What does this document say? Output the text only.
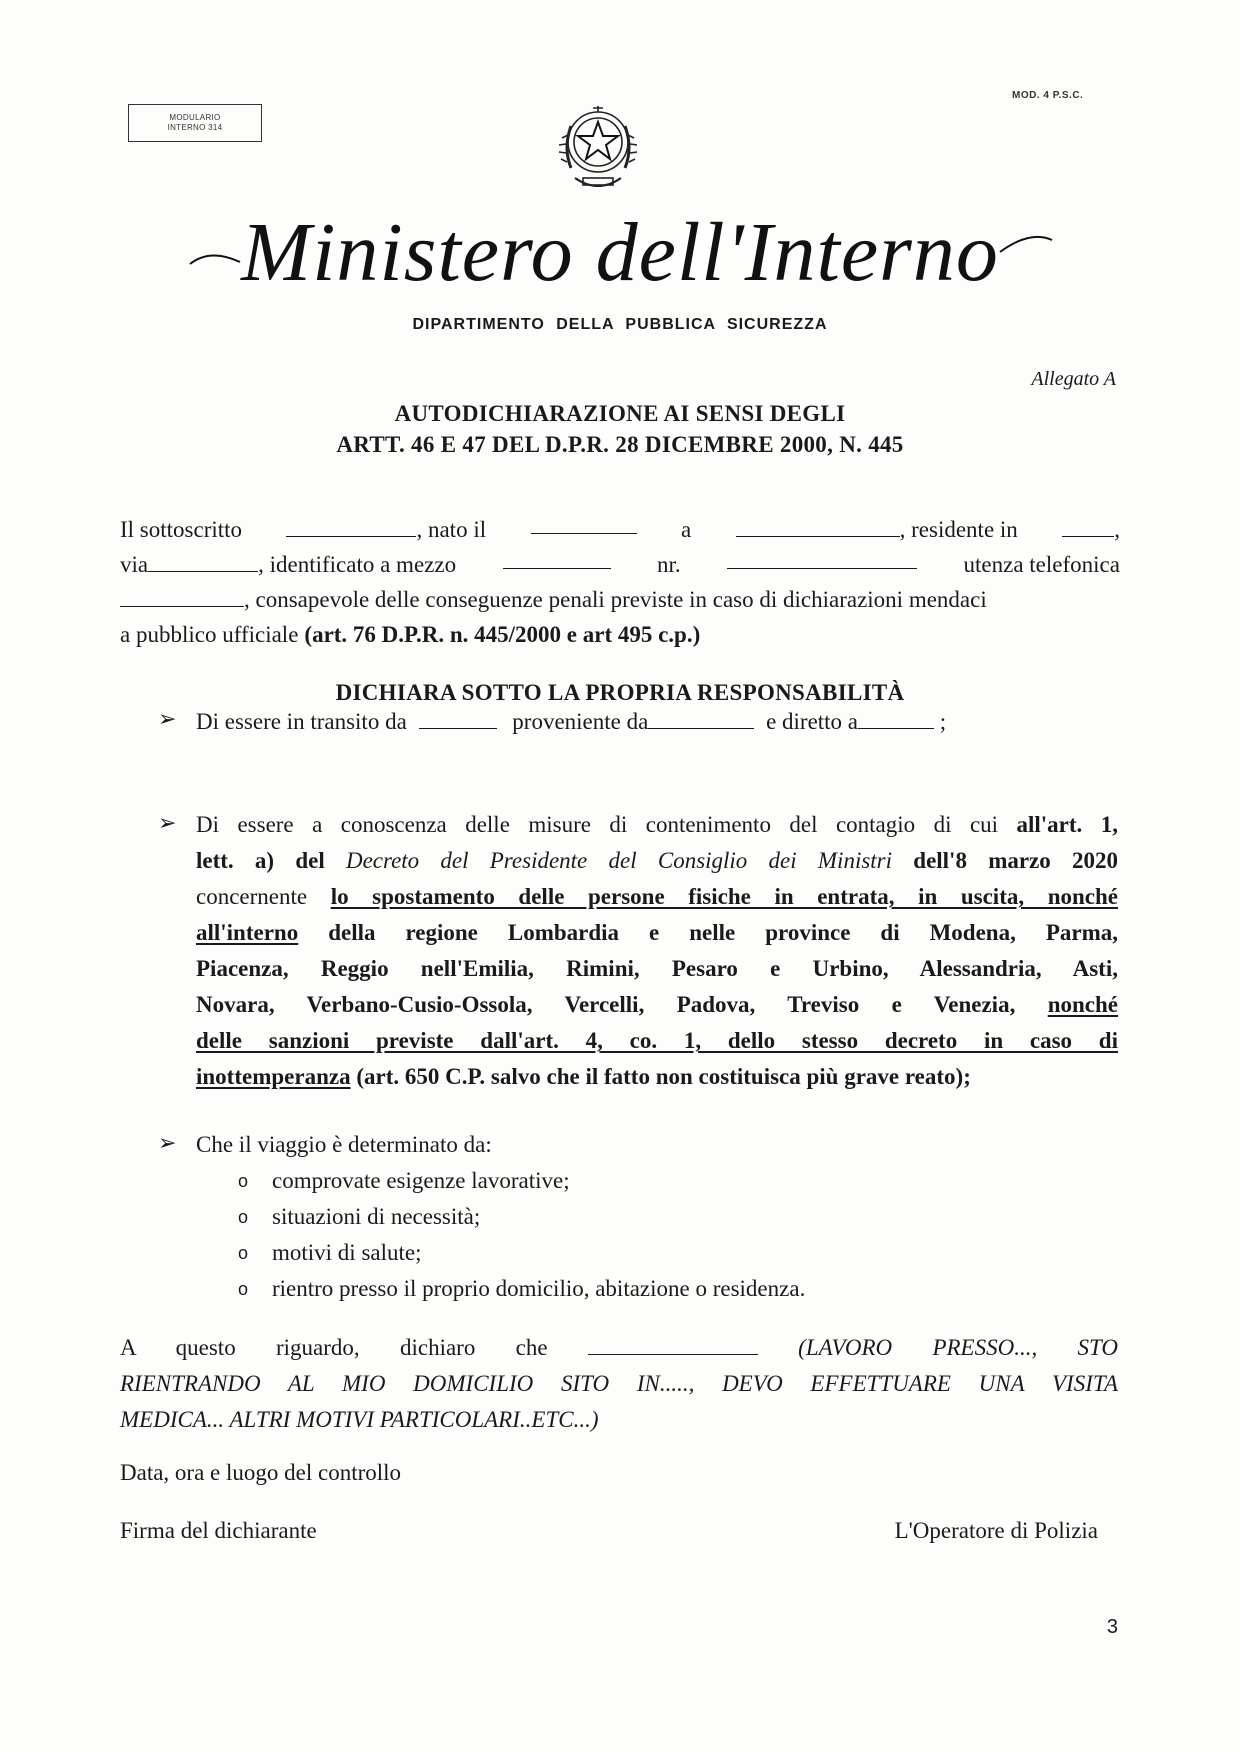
MODULARIO
INTERNO 314
MOD. 4 P.S.C.
Ministero dell'Interno
DIPARTIMENTO DELLA PUBBLICA SICUREZZA
Allegato A
AUTODICHIARAZIONE AI SENSI DEGLI
ARTT. 46 E 47 DEL D.P.R. 28 DICEMBRE 2000, N. 445
Il sottoscritto	, nato il	a	, residente in	,
via	, identificato a mezzo	nr.	utenza telefonica
, consapevole delle conseguenze penali previste in caso di dichiarazioni mendaci
a pubblico ufficiale (art. 76 D.P.R. n. 445/2000 e art 495 c.p.)
DICHIARA SOTTO LA PROPRIA RESPONSABILITÀ
➢ Di essere in transito da	proveniente da	e diretto a	;
➢ Di essere a conoscenza delle misure di contenimento del contagio di cui all'art. 1,
lett. a) del Decreto del Presidente del Consiglio dei Ministri dell'8 marzo 2020
concernente lo spostamento delle persone fisiche in entrata, in uscita, nonché
all'interno della regione Lombardia e nelle province di Modena, Parma,
Piacenza, Reggio nell'Emilia, Rimini, Pesaro e Urbino, Alessandria, Asti,
Novara, Verbano-Cusio-Ossola, Vercelli, Padova, Treviso e Venezia, nonché
delle sanzioni previste dall'art. 4, co. 1, dello stesso decreto in caso di
inottemperanza (art. 650 C.P. salvo che il fatto non costituisca più grave reato);
➢ Che il viaggio è determinato da:
o	comprovate esigenze lavorative;
o	situazioni di necessità;
o	motivi di salute;
o	rientro presso il proprio domicilio, abitazione o residenza.
A questo riguardo, dichiaro che	(LAVORO PRESSO..., STO
RIENTRANDO AL MIO DOMICILIO SITO IN....., DEVO EFFETTUARE UNA VISITA
MEDICA... ALTRI MOTIVI PARTICOLARI..ETC...)
Data, ora e luogo del controllo
Firma del dichiarante	L'Operatore di Polizia
3
